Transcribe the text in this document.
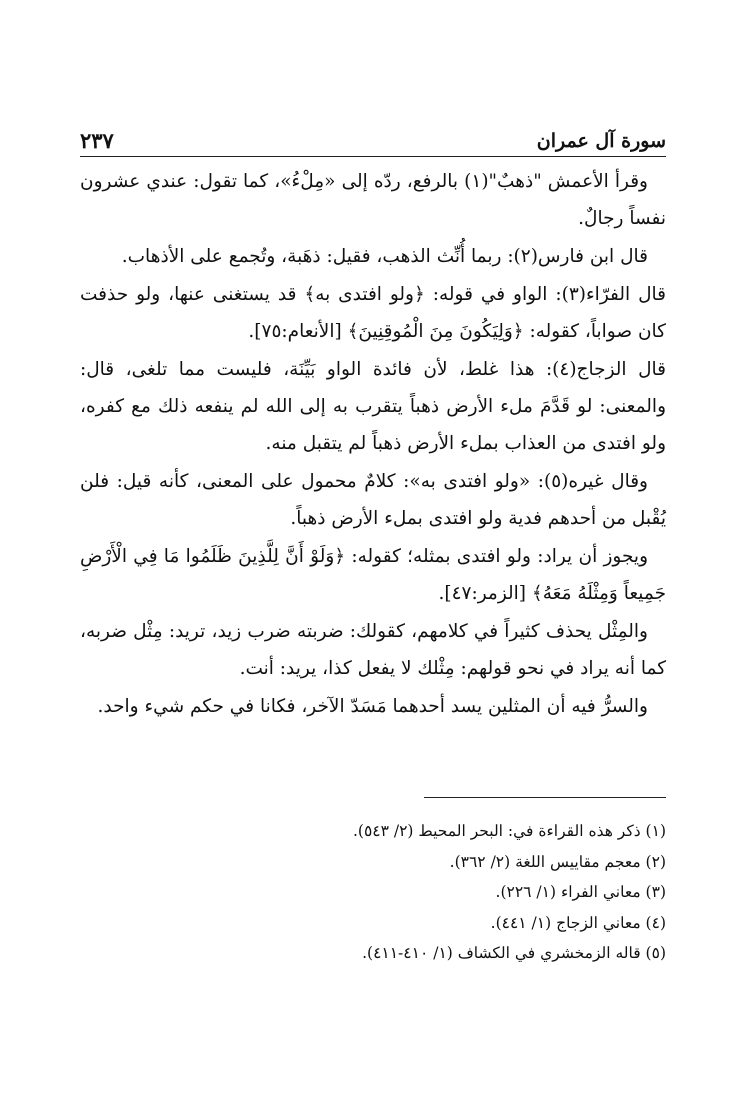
سورة آل عمران
٢٣٧

وقرأ الأعمش "ذهبٌ"(١) بالرفع، ردّه إلى «مِلْءُ»، كما تقول: عندي عشرون نفساً رجالٌ.

قال ابن فارس(٢): ربما أُنِّث الذهب، فقيل: ذهَبة، وتُجمع على الأذهاب.

قال الفرّاء(٣): الواو في قوله: ﴿ولو افتدى به﴾ قد يستغنى عنها، ولو حذفت كان صواباً، كقوله: ﴿وَلِيَكُونَ مِنَ الْمُوقِنِينَ﴾ [الأنعام:٧٥].

قال الزجاج(٤): هذا غلط، لأن فائدة الواو بَيِّنَة، فليست مما تلغى، قال: والمعنى: لو قَدَّمَ ملء الأرض ذهباً يتقرب به إلى الله لم ينفعه ذلك مع كفره، ولو افتدى من العذاب بملء الأرض ذهباً لم يتقبل منه.

وقال غيره(٥): «ولو افتدى به»: كلامٌ محمول على المعنى، كأنه قيل: فلن يُقْبل من أحدهم فدية ولو افتدى بملء الأرض ذهباً.

ويجوز أن يراد: ولو افتدى بمثله؛ كقوله: ﴿وَلَوْ أَنَّ لِلَّذِينَ ظَلَمُوا مَا فِي الْأَرْضِ جَمِيعاً وَمِثْلَهُ مَعَهُ﴾ [الزمر:٤٧].

والمِثْل يحذف كثيراً في كلامهم، كقولك: ضربته ضرب زيد، تريد: مِثْل ضربه، كما أنه يراد في نحو قولهم: مِثْلك لا يفعل كذا، يريد: أنت.

والسرُّ فيه أن المثلين يسد أحدهما مَسَدّ الآخر، فكانا في حكم شيء واحد.

(١) ذكر هذه القراءة في: البحر المحيط (٢/ ٥٤٣).
(٢) معجم مقاييس اللغة (٢/ ٣٦٢).
(٣) معاني الفراء (١/ ٢٢٦).
(٤) معاني الزجاج (١/ ٤٤١).
(٥) قاله الزمخشري في الكشاف (١/ ٤١٠-٤١١).
